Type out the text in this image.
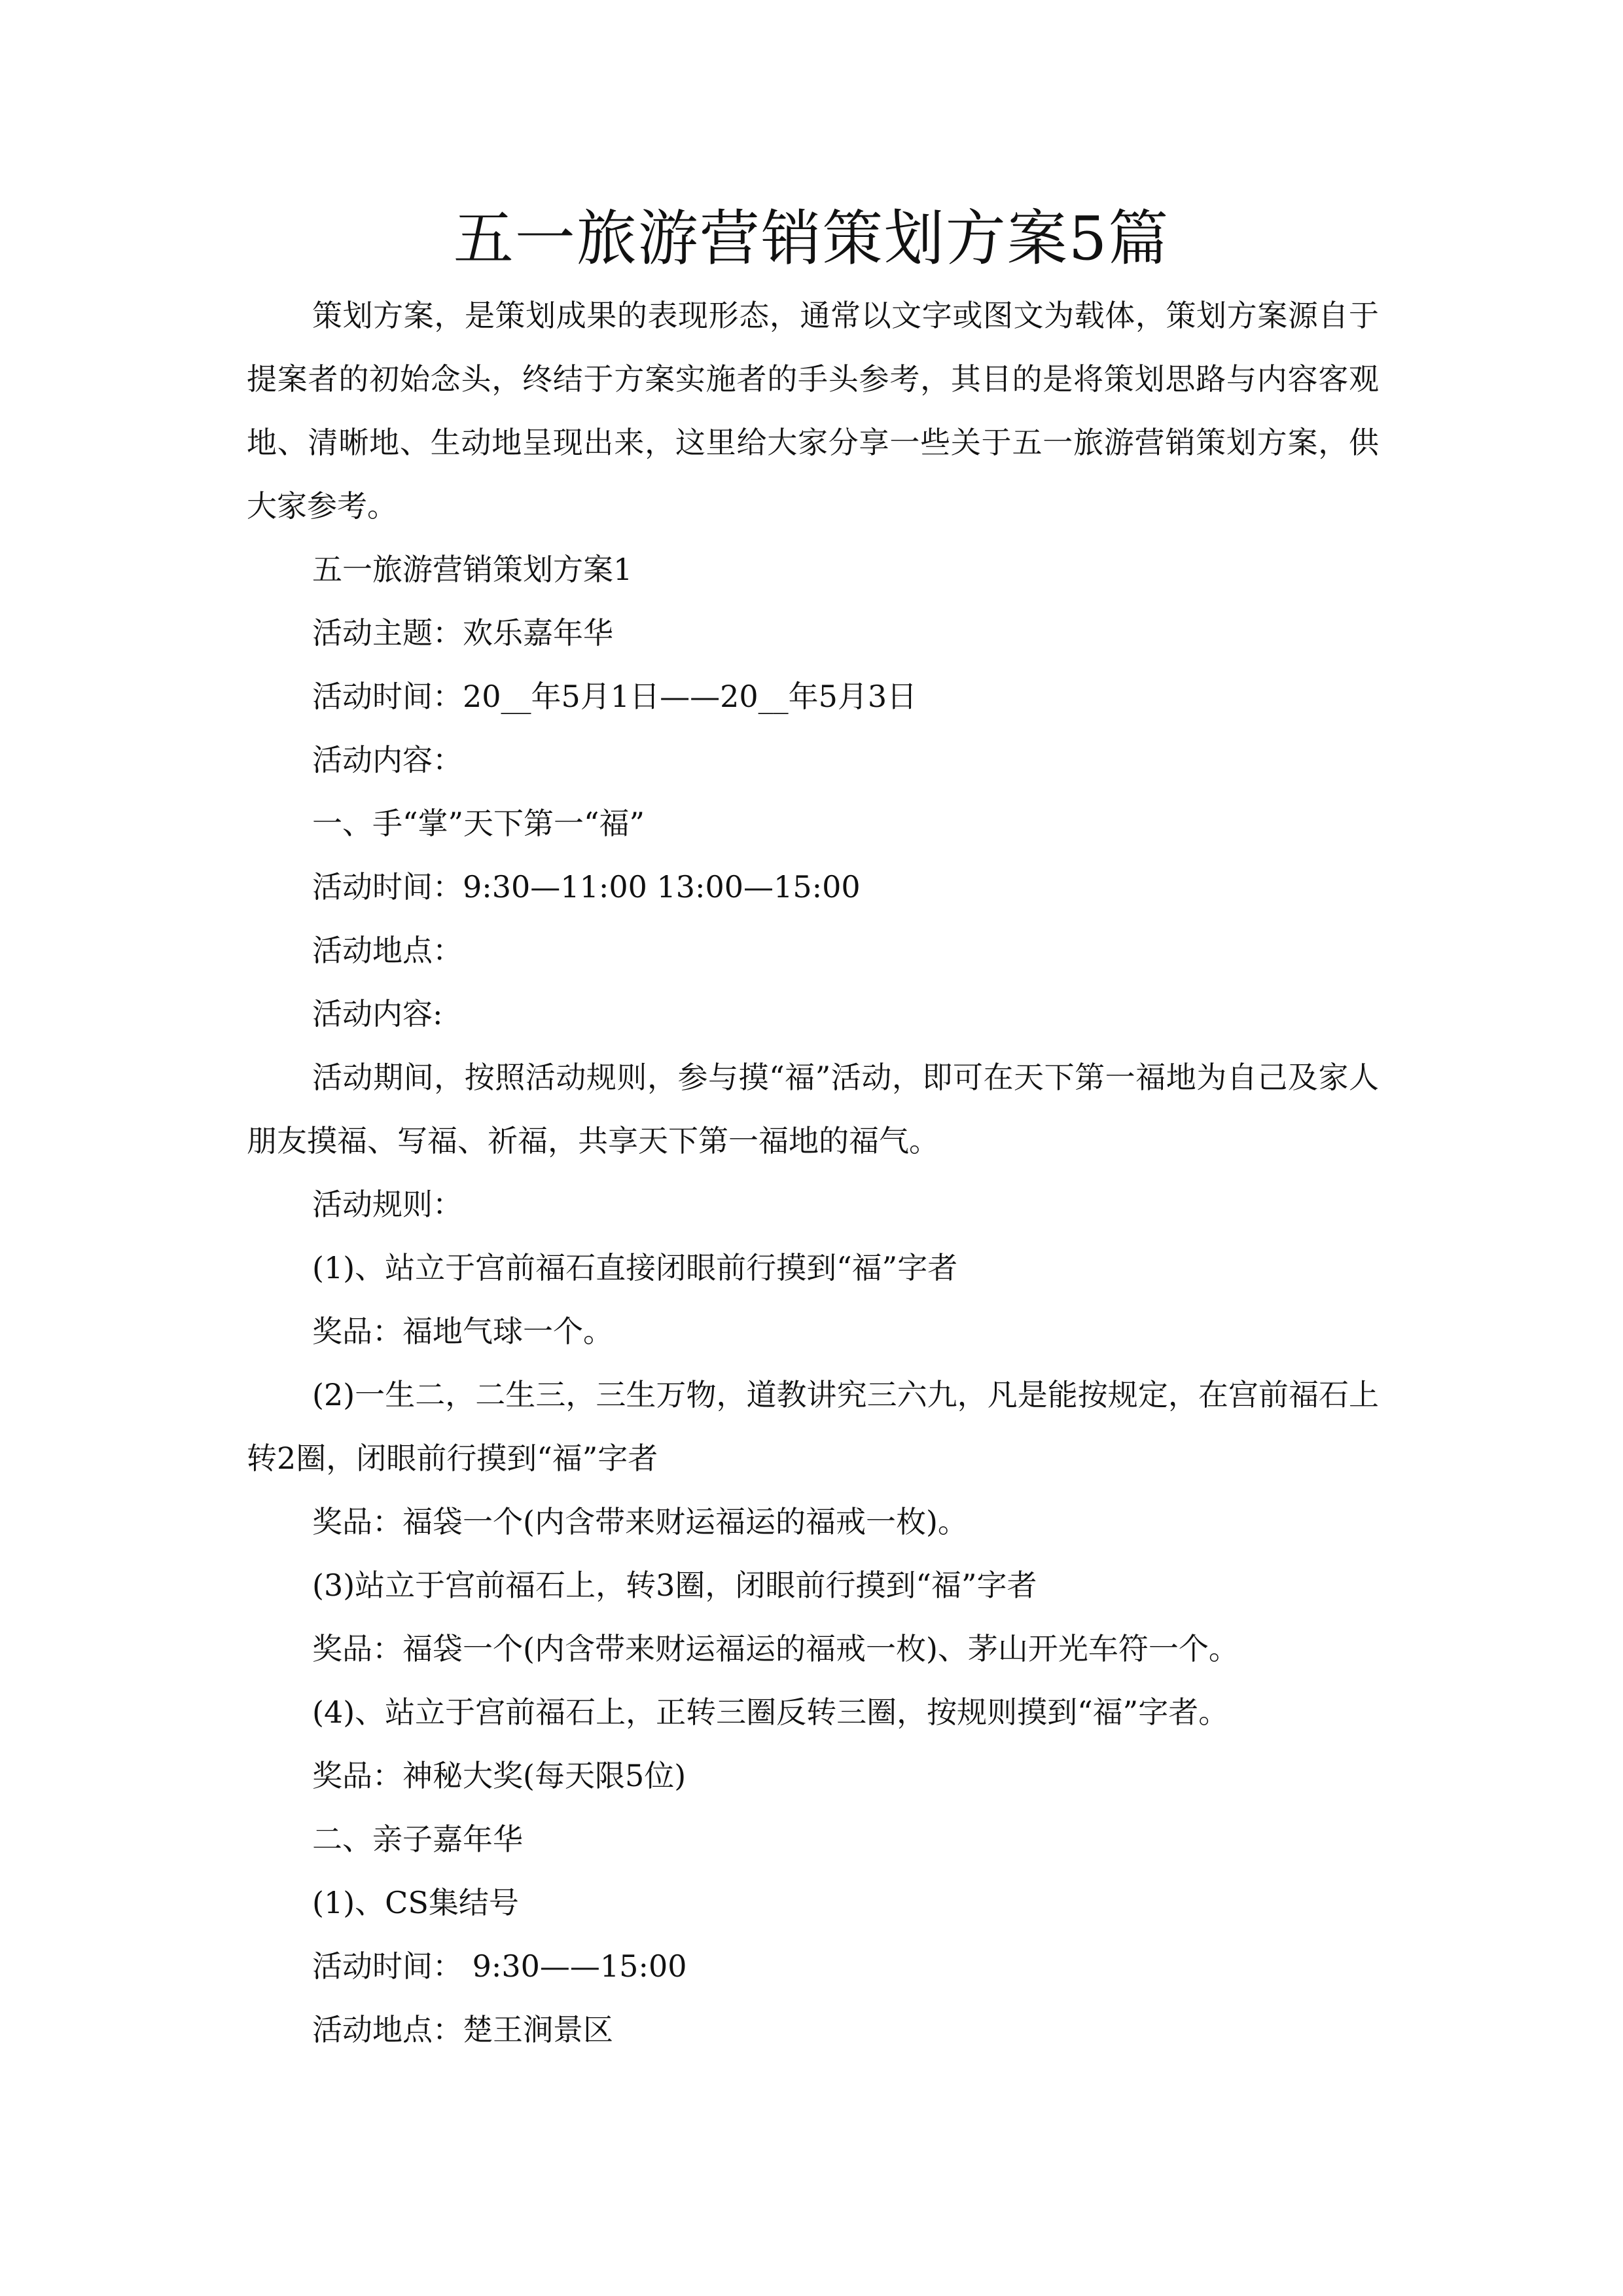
五一旅游营销策划方案5篇

策划方案，是策划成果的表现形态，通常以文字或图文为载体，策划方案源自于提案者的初始念头，终结于方案实施者的手头参考，其目的是将策划思路与内容客观地、清晰地、生动地呈现出来，这里给大家分享一些关于五一旅游营销策划方案，供大家参考。

五一旅游营销策划方案1

活动主题：欢乐嘉年华

活动时间：20__年5月1日——20__年5月3日

活动内容：

一、手“掌”天下第一“福”

活动时间：9:30—11:00 13:00—15:00

活动地点：

活动内容:

活动期间，按照活动规则，参与摸“福”活动，即可在天下第一福地为自己及家人朋友摸福、写福、祈福，共享天下第一福地的福气。

活动规则：

(1)、站立于宫前福石直接闭眼前行摸到“福”字者

奖品：福地气球一个。

(2)一生二，二生三，三生万物，道教讲究三六九，凡是能按规定，在宫前福石上转2圈，闭眼前行摸到“福”字者

奖品：福袋一个(内含带来财运福运的福戒一枚)。

(3)站立于宫前福石上，转3圈，闭眼前行摸到“福”字者

奖品：福袋一个(内含带来财运福运的福戒一枚)、茅山开光车符一个。

(4)、站立于宫前福石上，正转三圈反转三圈，按规则摸到“福”字者。

奖品：神秘大奖(每天限5位)

二、亲子嘉年华

(1)、CS集结号

活动时间： 9:30——15:00

活动地点：楚王涧景区
